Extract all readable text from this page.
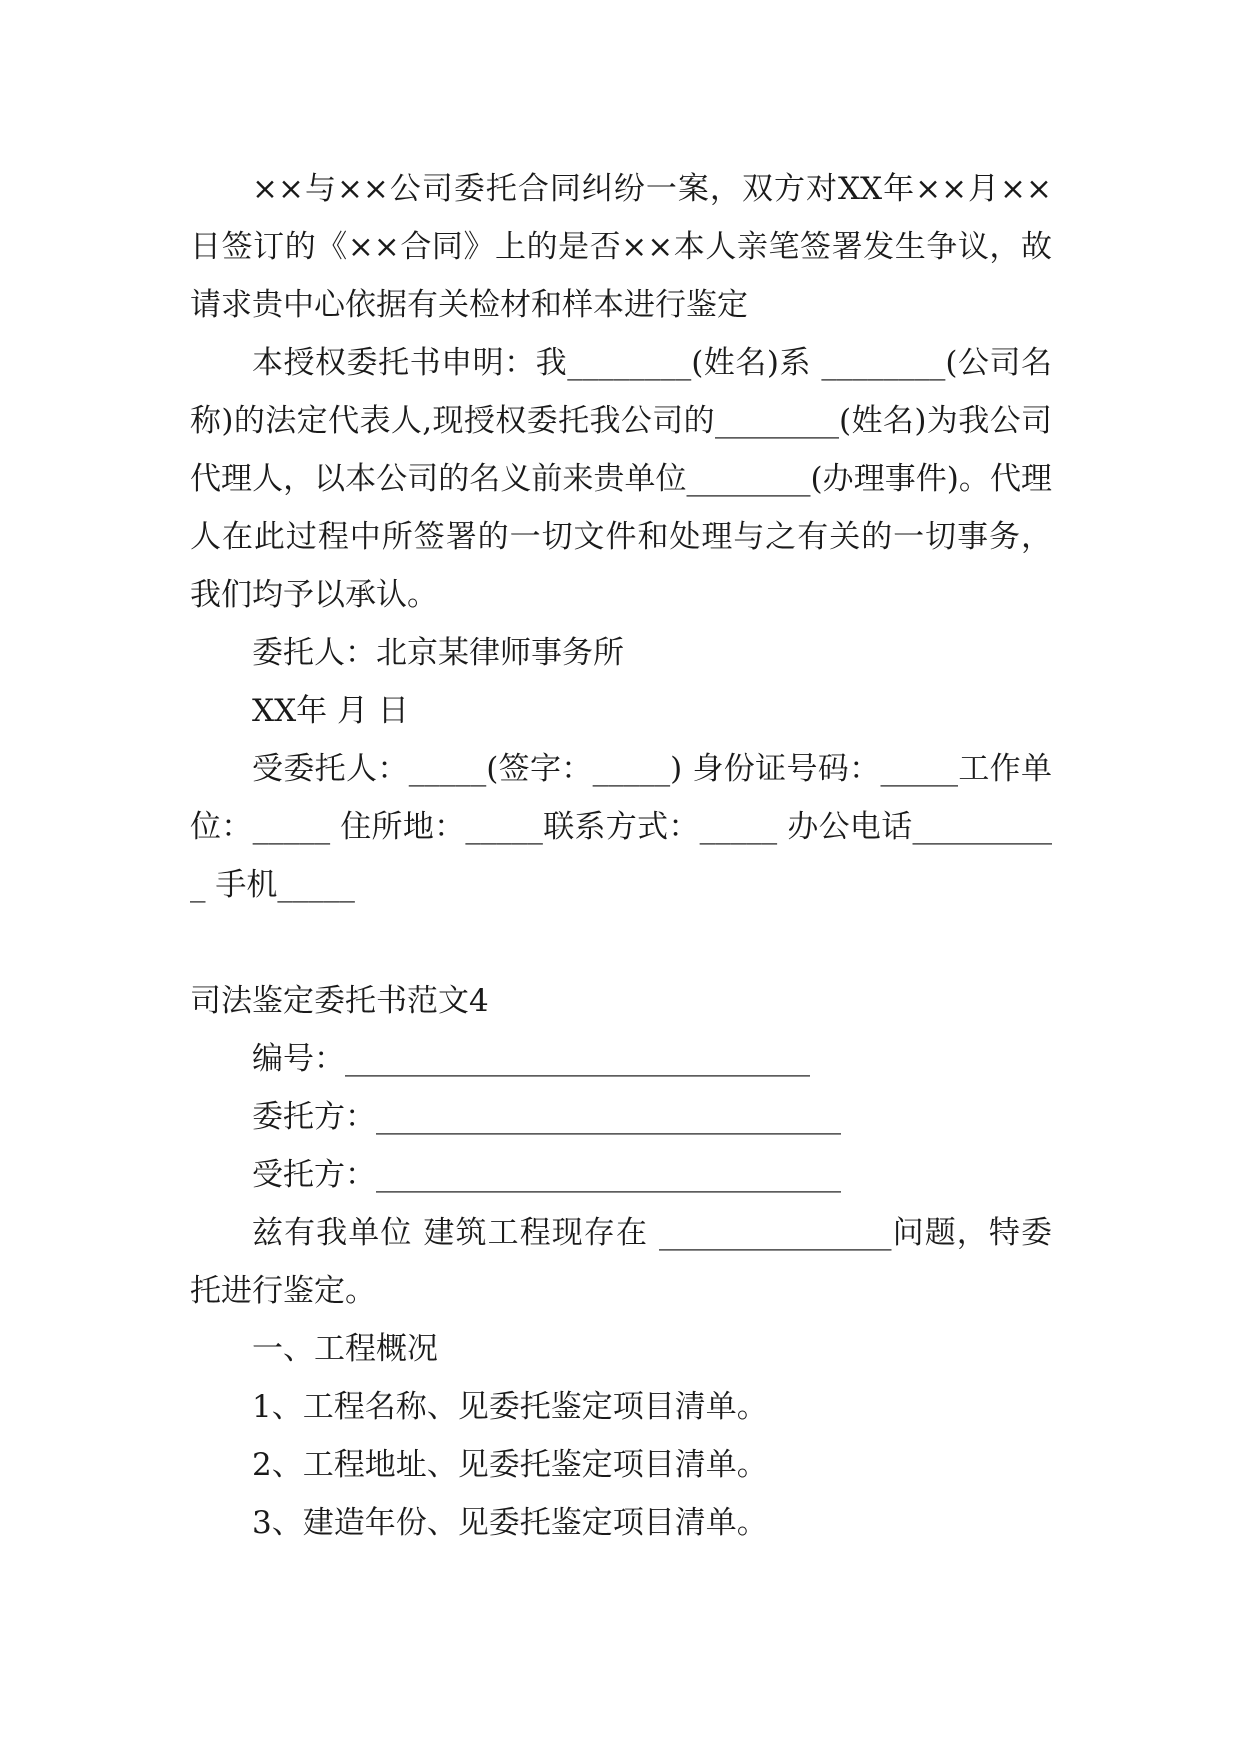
××与××公司委托合同纠纷一案，双方对XX年××月××日签订的《××合同》上的是否××本人亲笔签署发生争议，故请求贵中心依据有关检材和样本进行鉴定

本授权委托书申明：我________(姓名)系 ________(公司名称)的法定代表人,现授权委托我公司的________(姓名)为我公司代理人，以本公司的名义前来贵单位________(办理事件)。代理人在此过程中所签署的一切文件和处理与之有关的一切事务，我们均予以承认。

委托人：北京某律师事务所

XX年 月 日

受委托人：_____(签字：_____) 身份证号码：_____工作单位：_____ 住所地：_____联系方式：_____ 办公电话__________ 手机_____

司法鉴定委托书范文4

编号：______________________________

委托方：______________________________

受托方：______________________________

兹有我单位 建筑工程现存在 _______________问题，特委托进行鉴定。

一、工程概况

1、工程名称、见委托鉴定项目清单。

2、工程地址、见委托鉴定项目清单。

3、建造年份、见委托鉴定项目清单。
